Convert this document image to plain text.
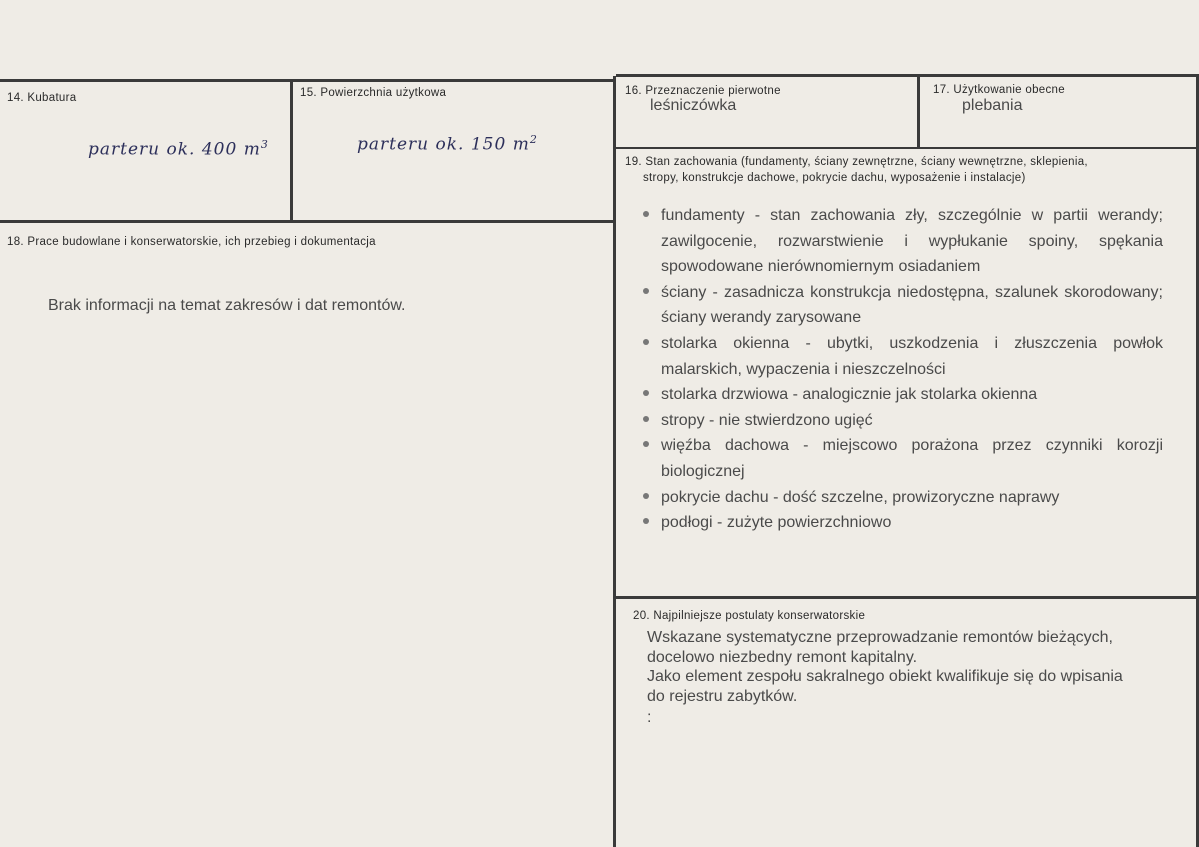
14. Kubatura
parteru ok. 400 $m^3$
15. Powierzchnia użytkowa
parteru ok. 150 $m^2$
16. Przeznaczenie pierwotne
leśniczówka
17. Użytkowanie obecne
plebania
19. Stan zachowania (fundamenty, ściany zewnętrzne, ściany wewnętrzne, sklepienia,
stropy, konstrukcje dachowe, pokrycie dachu, wyposażenie i instalacje)
fundamenty - stan zachowania zły, szczególnie w partii werandy; zawilgocenie, rozwarstwienie i wypłukanie spoiny, spękania spowodowane nierównomiernym osiadaniem
ściany - zasadnicza konstrukcja niedostępna, szalunek skorodowany; ściany werandy zarysowane
stolarka okienna - ubytki, uszkodzenia i złuszczenia powłok malarskich, wypaczenia i nieszczelności
stolarka drzwiowa - analogicznie jak stolarka okienna
stropy - nie stwierdzono ugięć
więźba dachowa - miejscowo porażona przez czynniki korozji biologicznej
pokrycie dachu - dość szczelne, prowizoryczne naprawy
podłogi - zużyte powierzchniowo
18. Prace budowlane i konserwatorskie, ich przebieg i dokumentacja
Brak informacji na temat zakresów i dat remontów.
20. Najpilniejsze postulaty konserwatorskie
Wskazane systematyczne przeprowadzanie remontów bieżących,
docelowo niezbedny remont kapitalny.
Jako element zespołu sakralnego obiekt kwalifikuje się do wpisania
do rejestru zabytków.
:
